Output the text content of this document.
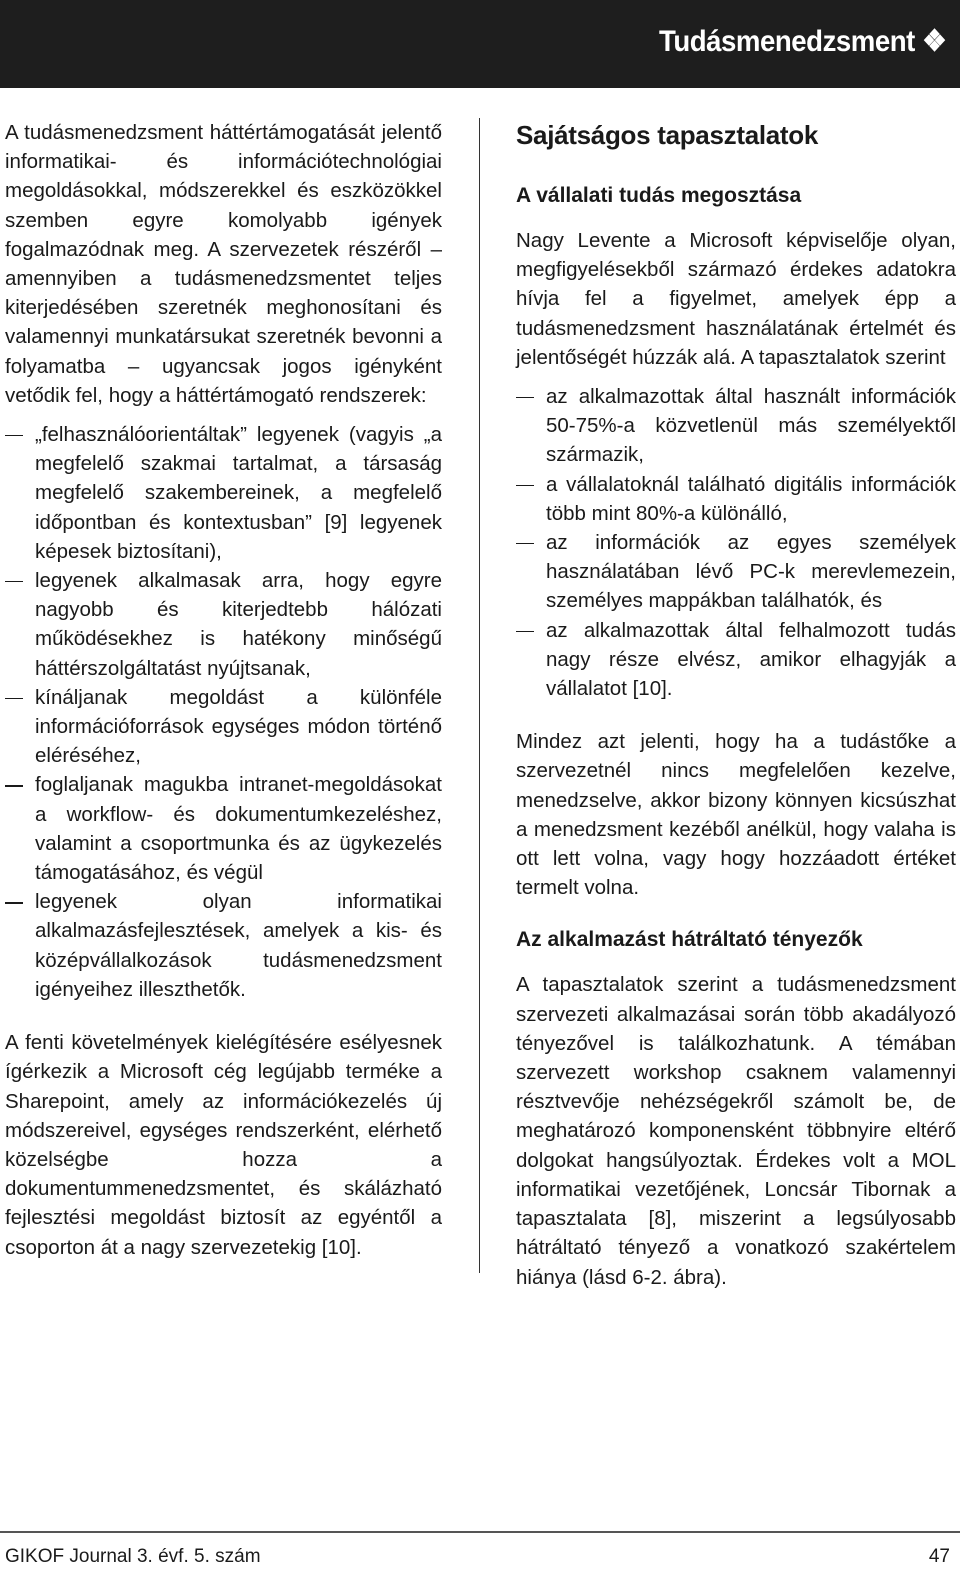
Tudásmenedzsment ❖

A tudásmenedzsment háttértámogatását jelentő informatikai- és információtechnológiai megoldásokkal, módszerekkel és eszközökkel szemben egyre komolyabb igények fogalmazódnak meg. A szervezetek részéről – amennyiben a tudásmenedzsmentet teljes kiterjedésében szeretnék meghonosítani és valamennyi munkatársukat szeretnék bevonni a folyamatba – ugyancsak jogos igényként vetődik fel, hogy a háttértámogató rendszerek:

„felhasználóorientáltak” legyenek (vagyis „a megfelelő szakmai tartalmat, a társaság megfelelő szakembereinek, a megfelelő időpontban és kontextusban” [9] legyenek képesek biztosítani),
legyenek alkalmasak arra, hogy egyre nagyobb és kiterjedtebb hálózati működésekhez is hatékony minőségű háttérszolgáltatást nyújtsanak,
kínáljanak megoldást a különféle információforrások egységes módon történő eléréséhez,
foglaljanak magukba intranet-megoldásokat a workflow- és dokumentumkezeléshez, valamint a csoportmunka és az ügykezelés támogatásához, és végül
legyenek olyan informatikai alkalmazásfejlesztések, amelyek a kis- és középvállalkozások tudásmenedzsment igényeihez illeszthetők.

A fenti követelmények kielégítésére esélyesnek ígérkezik a Microsoft cég legújabb terméke a Sharepoint, amely az információkezelés új módszereivel, egységes rendszerként, elérhető közelségbe hozza a dokumentummenedzsmentet, és skálázható fejlesztési megoldást biztosít az egyéntől a csoporton át a nagy szervezetekig [10].

Sajátságos tapasztalatok
A vállalati tudás megosztása

Nagy Levente a Microsoft képviselője olyan, megfigyelésekből származó érdekes adatokra hívja fel a figyelmet, amelyek épp a tudásmenedzsment használatának értelmét és jelentőségét húzzák alá. A tapasztalatok szerint

az alkalmazottak által használt információk 50-75%-a közvetlenül más személyektől származik,
a vállalatoknál található digitális információk több mint 80%-a különálló,
az információk az egyes személyek használatában lévő PC-k merevlemezein, személyes mappákban találhatók, és
az alkalmazottak által felhalmozott tudás nagy része elvész, amikor elhagyják a vállalatot [10].

Mindez azt jelenti, hogy ha a tudástőke a szervezetnél nincs megfelelően kezelve, menedzselve, akkor bizony könnyen kicsúszhat a menedzsment kezéből anélkül, hogy valaha is ott lett volna, vagy hogy hozzáadott értéket termelt volna.

Az alkalmazást hátráltató tényezők

A tapasztalatok szerint a tudásmenedzsment szervezeti alkalmazásai során több akadályozó tényezővel is találkozhatunk. A témában szervezett workshop csaknem valamennyi résztvevője nehézségekről számolt be, de meghatározó komponensként többnyire eltérő dolgokat hangsúlyoztak. Érdekes volt a MOL informatikai vezetőjének, Loncsár Tibornak a tapasztalata [8], miszerint a legsúlyosabb hátráltató tényező a vonatkozó szakértelem hiánya (lásd 6-2. ábra).

GIKOF Journal 3. évf. 5. szám	47
